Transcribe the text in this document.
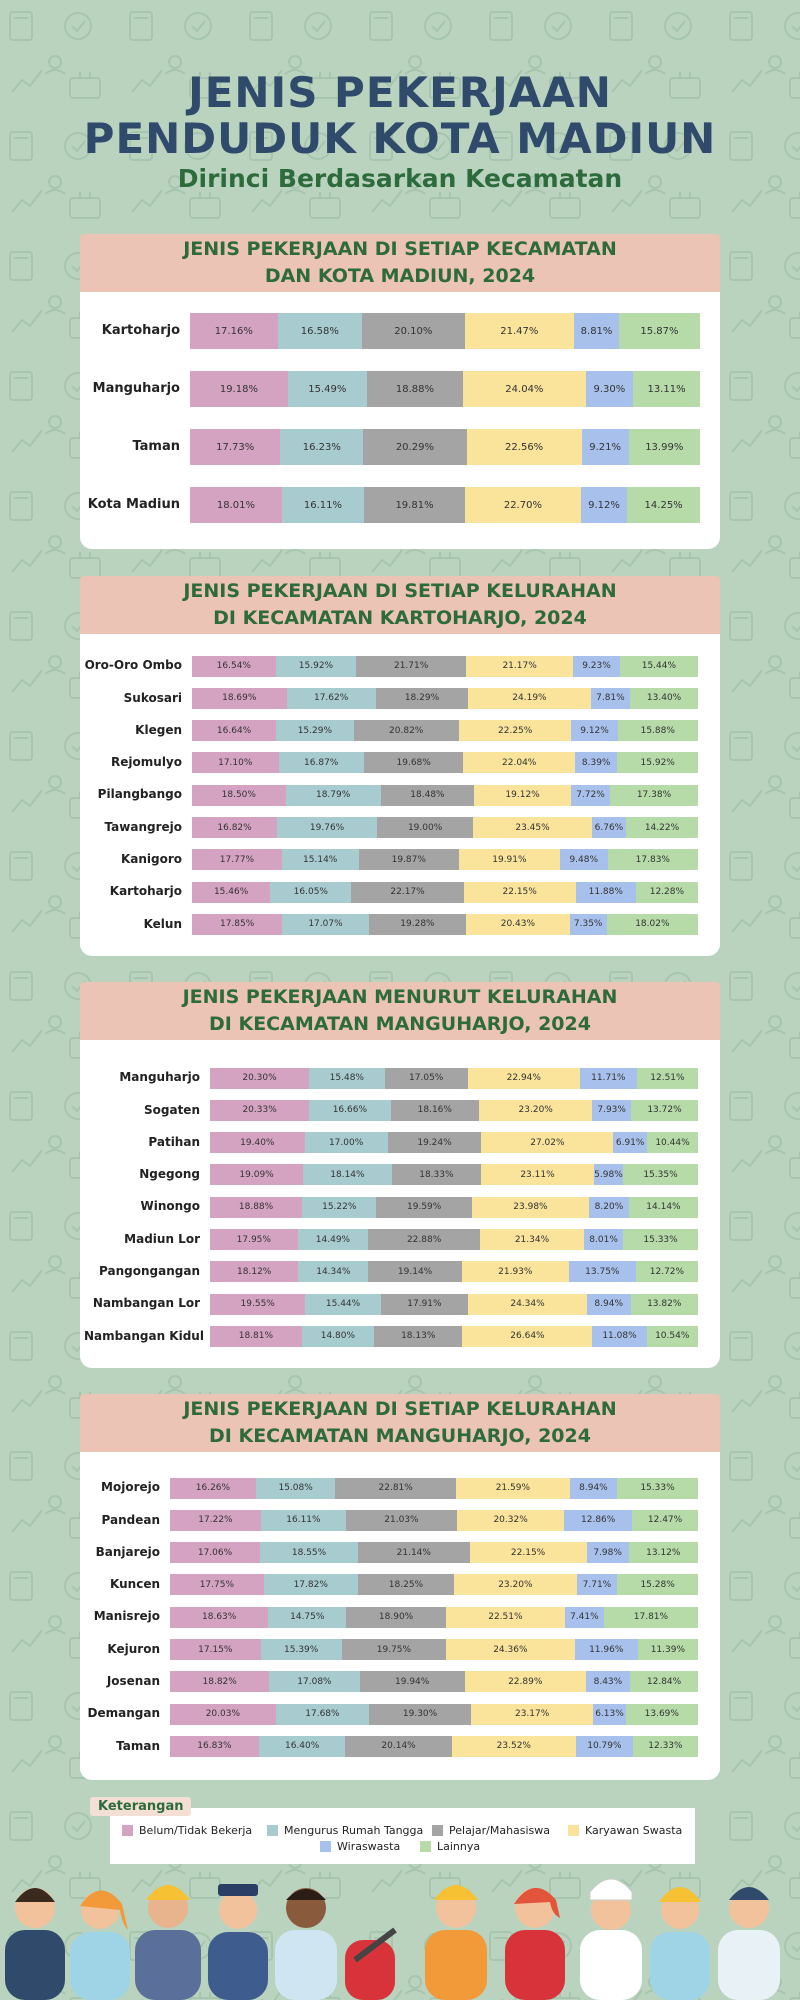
JENIS PEKERJAAN
PENDUDUK KOTA MADIUN
Dirinci Berdasarkan Kecamatan
JENIS PEKERJAAN DI SETIAP KECAMATAN
DAN KOTA MADIUN, 2024
Kartoharjo	17.16%	16.58%	20.10%	21.47%	8.81%	15.87%
Manguharjo	19.18%	15.49%	18.88%	24.04%	9.30%	13.11%
Taman	17.73%	16.23%	20.29%	22.56%	9.21%	13.99%
Kota Madiun	18.01%	16.11%	19.81%	22.70%	9.12%	14.25%
JENIS PEKERJAAN DI SETIAP KELURAHAN
DI KECAMATAN KARTOHARJO, 2024
Oro-Oro Ombo	16.54%	15.92%	21.71%	21.17%	9.23%	15.44%
Sukosari	18.69%	17.62%	18.29%	24.19%	7.81%	13.40%
Klegen	16.64%	15.29%	20.82%	22.25%	9.12%	15.88%
Rejomulyo	17.10%	16.87%	19.68%	22.04%	8.39%	15.92%
Pilangbango	18.50%	18.79%	18.48%	19.12%	7.72%	17.38%
Tawangrejo	16.82%	19.76%	19.00%	23.45%	6.76%	14.22%
Kanigoro	17.77%	15.14%	19.87%	19.91%	9.48%	17.83%
Kartoharjo	15.46%	16.05%	22.17%	22.15%	11.88%	12.28%
Kelun	17.85%	17.07%	19.28%	20.43%	7.35%	18.02%
JENIS PEKERJAAN MENURUT KELURAHAN
DI KECAMATAN MANGUHARJO, 2024
Manguharjo	20.30%	15.48%	17.05%	22.94%	11.71%	12.51%
Sogaten	20.33%	16.66%	18.16%	23.20%	7.93%	13.72%
Patihan	19.40%	17.00%	19.24%	27.02%	6.91%	10.44%
Ngegong	19.09%	18.14%	18.33%	23.11%	5.98%	15.35%
Winongo	18.88%	15.22%	19.59%	23.98%	8.20%	14.14%
Madiun Lor	17.95%	14.49%	22.88%	21.34%	8.01%	15.33%
Pangongangan	18.12%	14.34%	19.14%	21.93%	13.75%	12.72%
Nambangan Lor	19.55%	15.44%	17.91%	24.34%	8.94%	13.82%
Nambangan Kidul	18.81%	14.80%	18.13%	26.64%	11.08%	10.54%
JENIS PEKERJAAN DI SETIAP KELURAHAN
DI KECAMATAN MANGUHARJO, 2024
Mojorejo	16.26%	15.08%	22.81%	21.59%	8.94%	15.33%
Pandean	17.22%	16.11%	21.03%	20.32%	12.86%	12.47%
Banjarejo	17.06%	18.55%	21.14%	22.15%	7.98%	13.12%
Kuncen	17.75%	17.82%	18.25%	23.20%	7.71%	15.28%
Manisrejo	18.63%	14.75%	18.90%	22.51%	7.41%	17.81%
Kejuron	17.15%	15.39%	19.75%	24.36%	11.96%	11.39%
Josenan	18.82%	17.08%	19.94%	22.89%	8.43%	12.84%
Demangan	20.03%	17.68%	19.30%	23.17%	6.13%	13.69%
Taman	16.83%	16.40%	20.14%	23.52%	10.79%	12.33%
Belum/Tidak Bekerja	Mengurus Rumah Tangga Pelajar/Mahasiswa	Karyawan Swasta
Wiraswasta	Lainnya
Keterangan
